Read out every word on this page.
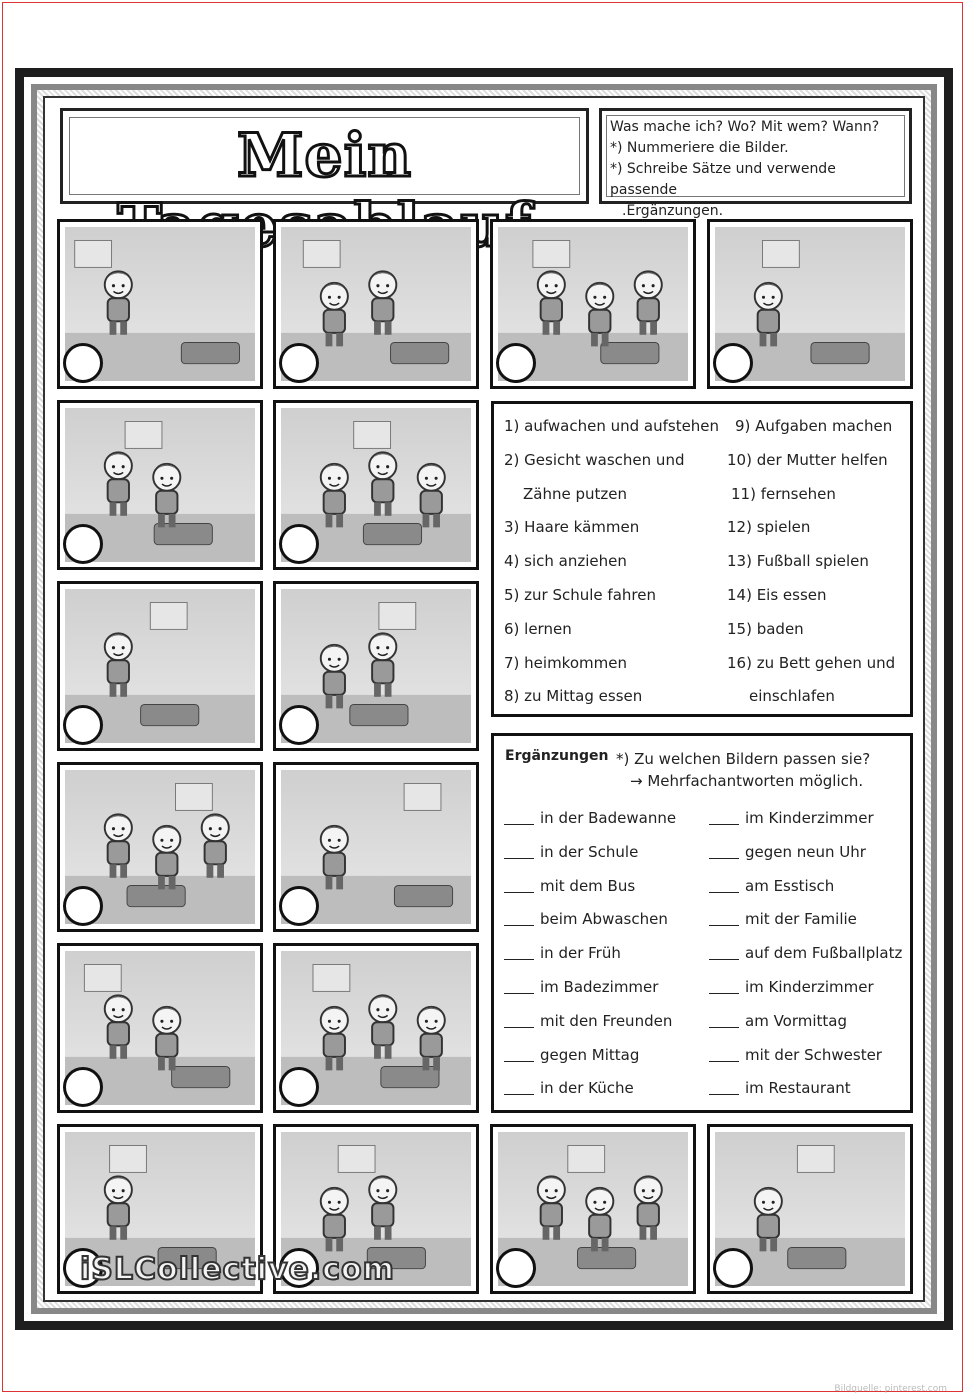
Mein	Was mache ich? Wo? Mit wem? Wann?

*) Nummeriere die Bilder.

*) Schreibe Sätze und verwende passende

.Ergänzungen.

1) aufwachen und aufstehen
2) Gesicht waschen und
Zähne putzen
3) Haare kämmen
4) sich anziehen
5) zur Schule fahren
6) lernen
7) heimkommen
8) zu Mittag essen
9) Aufgaben machen
10) der Mutter helfen
11) fernsehen
12) spielen
13) Fußball spielen
14) Eis essen
15) baden
16) zu Bett gehen und
einschlafen
Ergänzungen *) Zu welchen Bildern passen sie?
→ Mehrfachantworten möglich.
in der Badewanne
in der Schule
mit dem Bus
beim Abwaschen
in der Früh
im Badezimmer
mit den Freunden
gegen Mittag
in der Küche
im Kinderzimmer
gegen neun Uhr
am Esstisch
mit der Familie
auf dem Fußballplatz
im Kinderzimmer
am Vormittag
mit der Schwester
im Restaurant
iSLCollective.com
Bildquelle: pinterest.com
